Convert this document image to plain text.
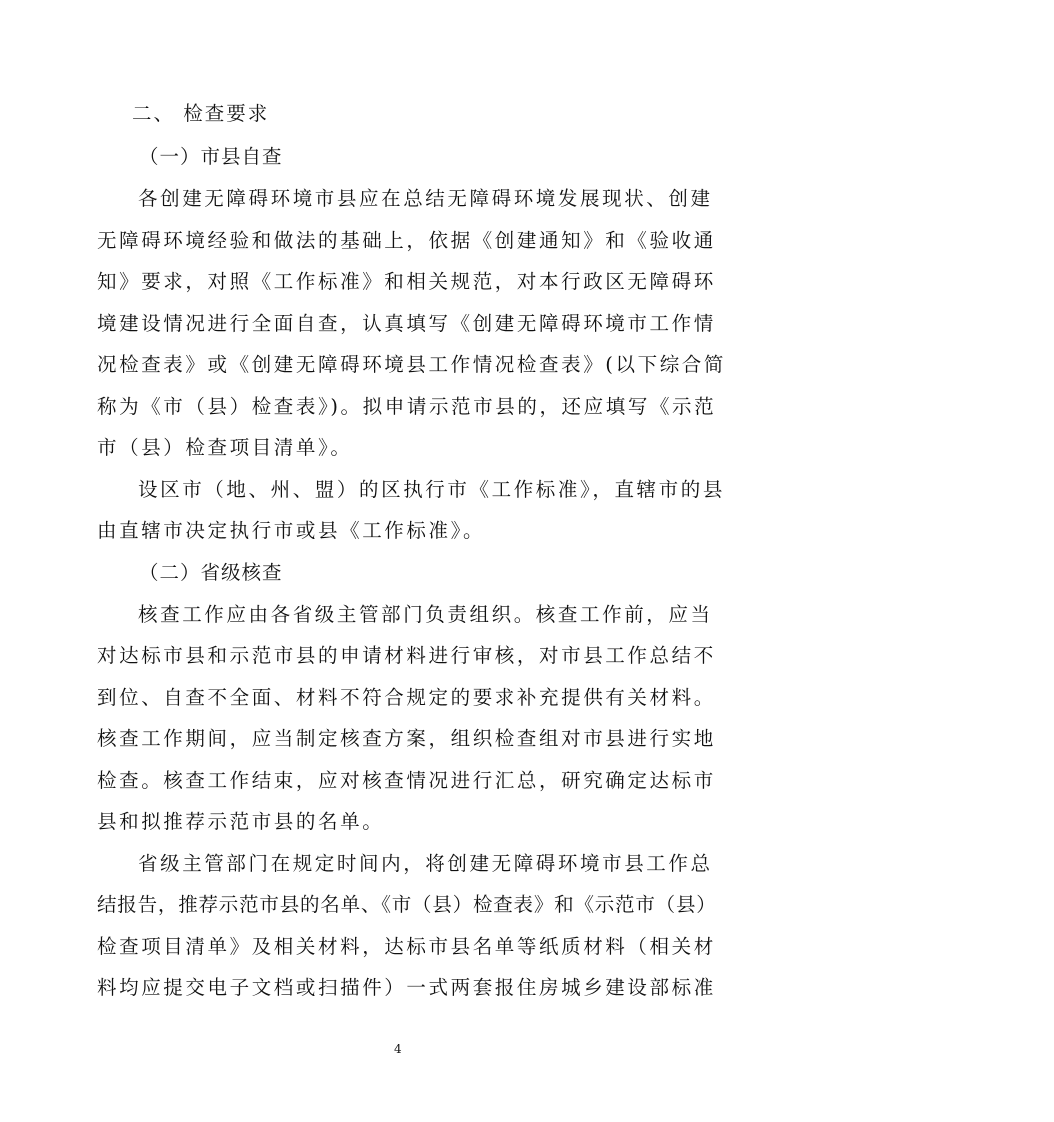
二、 检查要求
（一）市县自查
各创建无障碍环境市县应在总结无障碍环境发展现状、创建
无障碍环境经验和做法的基础上，依据《创建通知》和《验收通
知》要求，对照《工作标准》和相关规范，对本行政区无障碍环
境建设情况进行全面自查，认真填写《创建无障碍环境市工作情
况检查表》或《创建无障碍环境县工作情况检查表》(以下综合简
称为《市（县）检查表》)。拟申请示范市县的，还应填写《示范
市（县）检查项目清单》。
设区市（地、州、盟）的区执行市《工作标准》，直辖市的县
由直辖市决定执行市或县《工作标准》。
（二）省级核查
核查工作应由各省级主管部门负责组织。核查工作前，应当
对达标市县和示范市县的申请材料进行审核，对市县工作总结不
到位、自查不全面、材料不符合规定的要求补充提供有关材料。
核查工作期间，应当制定核查方案，组织检查组对市县进行实地
检查。核查工作结束，应对核查情况进行汇总，研究确定达标市
县和拟推荐示范市县的名单。
省级主管部门在规定时间内，将创建无障碍环境市县工作总
结报告，推荐示范市县的名单、《市（县）检查表》和《示范市（县）
检查项目清单》及相关材料，达标市县名单等纸质材料（相关材
料均应提交电子文档或扫描件）一式两套报住房城乡建设部标准
4
